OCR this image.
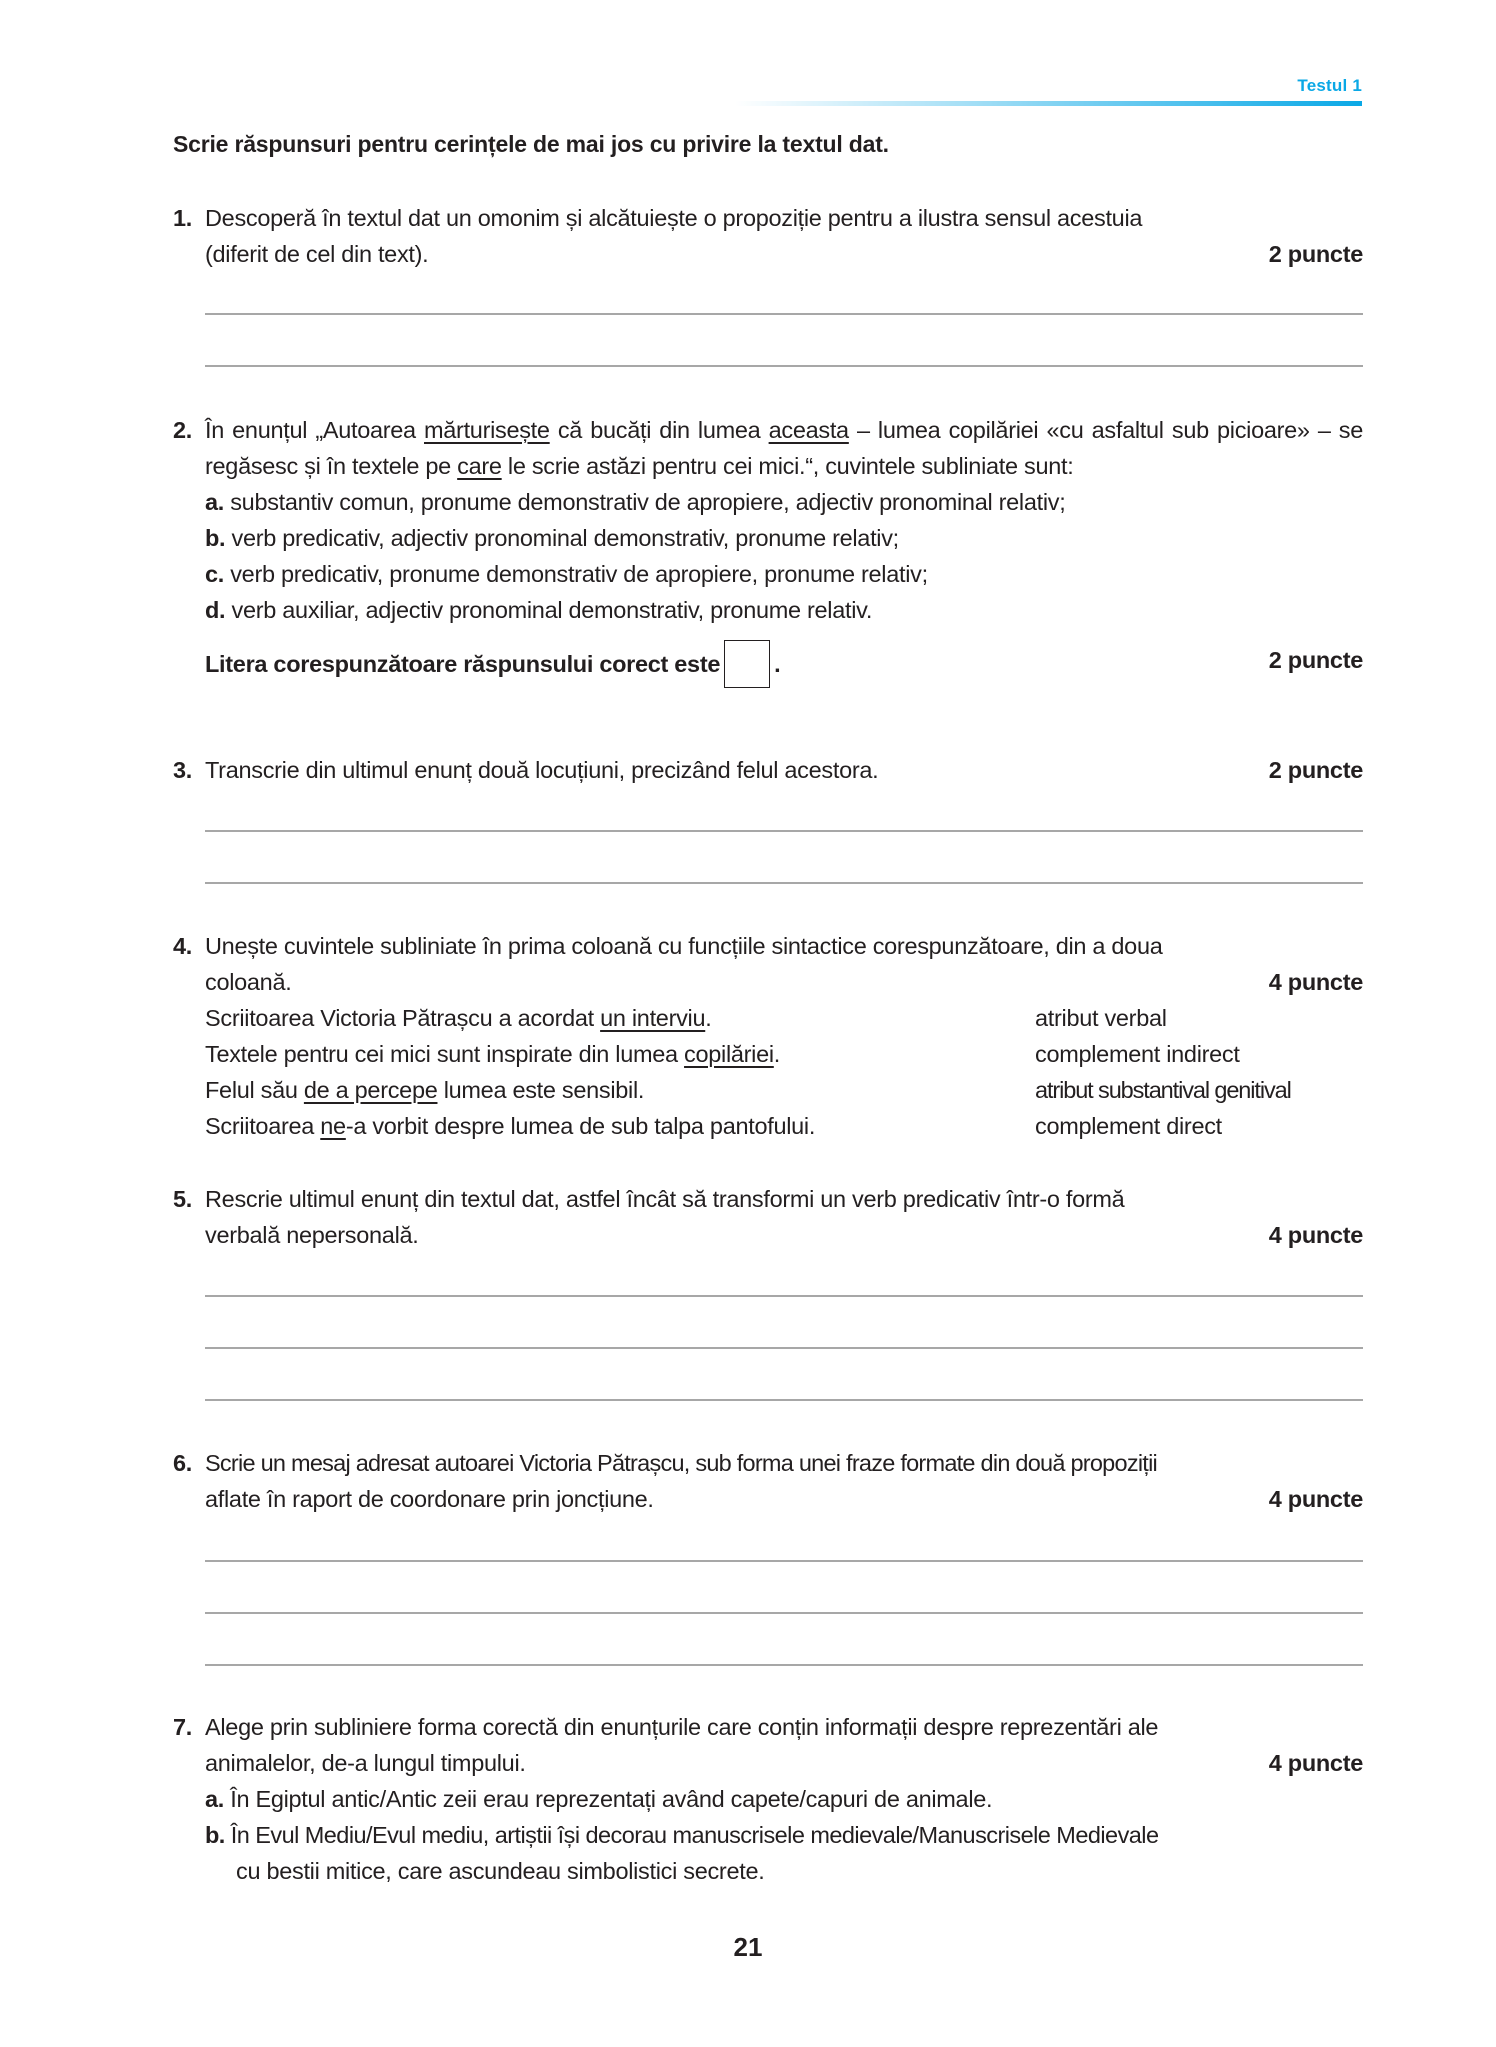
Testul 1
Scrie răspunsuri pentru cerințele de mai jos cu privire la textul dat.
1. Descoperă în textul dat un omonim și alcătuiește o propoziție pentru a ilustra sensul acestuia
(diferit de cel din text).	2 puncte
2. În enunțul „Autoarea mărturisește că bucăți din lumea aceasta – lumea copilăriei «cu asfaltul sub picioare» – se regăsesc și în textele pe care le scrie astăzi pentru cei mici.“, cuvintele subliniate sunt:
a. substantiv comun, pronume demonstrativ de apropiere, adjectiv pronominal relativ;
b. verb predicativ, adjectiv pronominal demonstrativ, pronume relativ;
c. verb predicativ, pronume demonstrativ de apropiere, pronume relativ;
d. verb auxiliar, adjectiv pronominal demonstrativ, pronume relativ.
Litera corespunzătoare răspunsului corect este .	2 puncte
3. Transcrie din ultimul enunț două locuțiuni, precizând felul acestora.	2 puncte
4. Unește cuvintele subliniate în prima coloană cu funcțiile sintactice corespunzătoare, din a doua
coloană.	4 puncte
Scriitoarea Victoria Pătrașcu a acordat un interviu.	atribut verbal
Textele pentru cei mici sunt inspirate din lumea copilăriei.	complement indirect
Felul său de a percepe lumea este sensibil.	atribut substantival genitival
Scriitoarea ne-a vorbit despre lumea de sub talpa pantofului.	complement direct
5. Rescrie ultimul enunț din textul dat, astfel încât să transformi un verb predicativ într-o formă
verbală nepersonală.	4 puncte
6. Scrie un mesaj adresat autoarei Victoria Pătrașcu, sub forma unei fraze formate din două propoziții
aflate în raport de coordonare prin joncțiune.	4 puncte
7. Alege prin subliniere forma corectă din enunțurile care conțin informații despre reprezentări ale
animalelor, de-a lungul timpului.	4 puncte
a. În Egiptul antic/Antic zeii erau reprezentați având capete/capuri de animale.
b. În Evul Mediu/Evul mediu, artiștii își decorau manuscrisele medievale/Manuscrisele Medievale
cu bestii mitice, care ascundeau simbolistici secrete.
21
